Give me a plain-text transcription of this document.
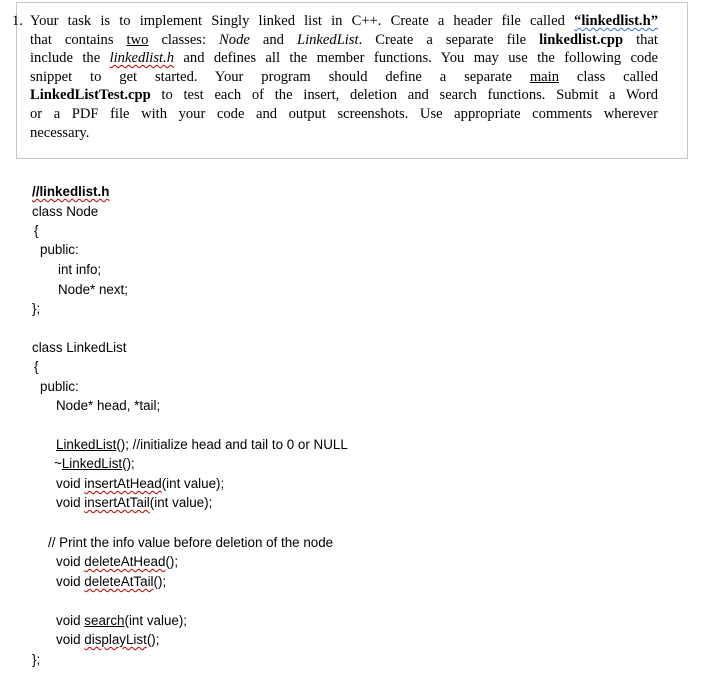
1. Your task is to implement Singly linked list in C++. Create a header file called “linkedlist.h”
that contains two classes: Node and LinkedList. Create a separate file linkedlist.cpp that
include the linkedlist.h and defines all the member functions. You may use the following code
snippet to get started. Your program should define a separate main class called
LinkedListTest.cpp to test each of the insert, deletion and search functions. Submit a Word
or a PDF file with your code and output screenshots. Use appropriate comments wherever
necessary.
//linkedlist.h
class Node
{
public:
int info;
Node* next;
};
class LinkedList
{
public:
Node* head, *tail;
LinkedList(); //initialize head and tail to 0 or NULL
~LinkedList();
void insertAtHead(int value);
void insertAtTail(int value);
// Print the info value before deletion of the node
void deleteAtHead();
void deleteAtTail();
void search(int value);
void displayList();
};
